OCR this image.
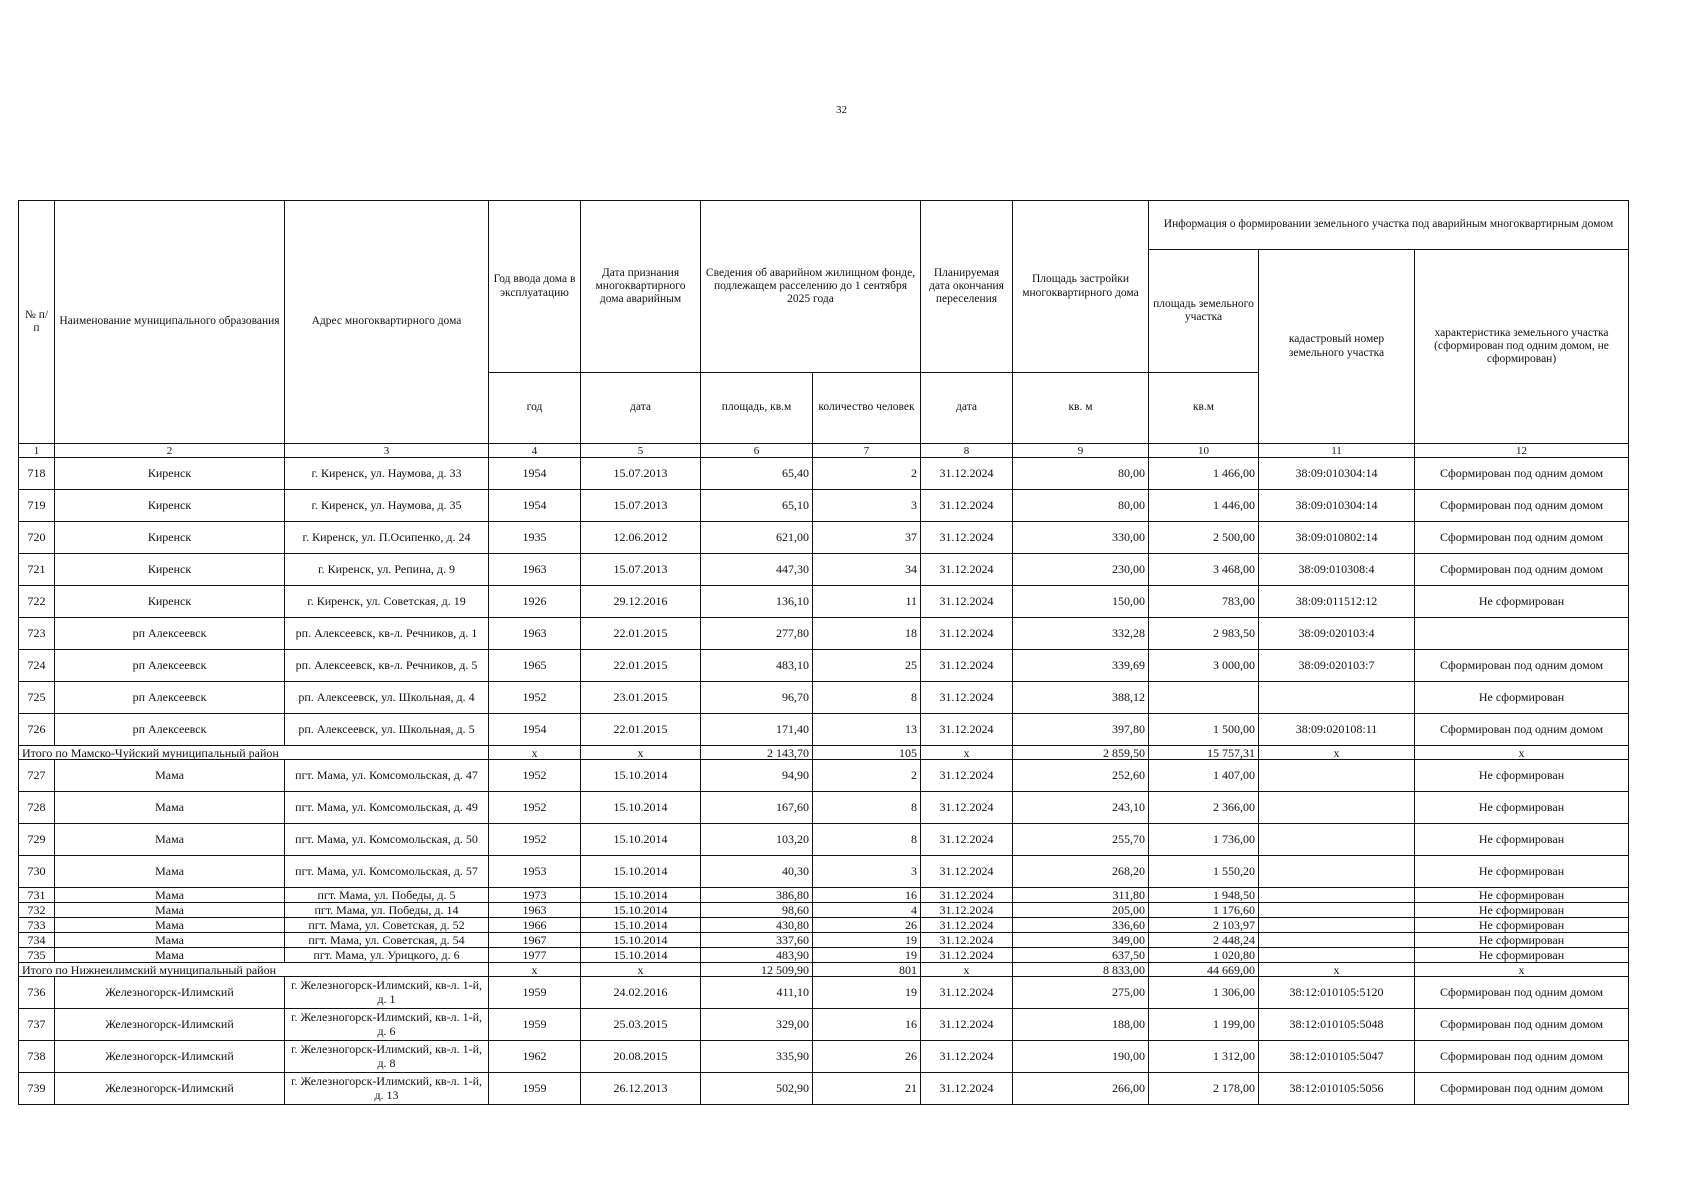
32
№ п/п	Наименование муниципального образования	Адрес многоквартирного дома	Год ввода дома в эксплуатацию	Дата признания многоквартирного дома аварийным	Сведения об аварийном жилищном фонде, подлежащем расселению до 1 сентября 2025 года		Планируемая дата окончания переселения	Площадь застройки многоквартирного дома	Информация о формировании земельного участка под аварийным многоквартирным домом		
									площадь земельного участка	кадастровый номер земельного участка	характеристика земельного участка (сформирован под одним домом, не сформирован)
			год	дата	площадь, кв.м	количество человек	дата	кв. м	кв.м		
1	2	3	4	5	6	7	8	9	10	11	12
718	Киренск	г. Киренск, ул. Наумова, д. 33	1954	15.07.2013	65,40	2	31.12.2024	80,00	1 466,00	38:09:010304:14	Сформирован под одним домом
719	Киренск	г. Киренск, ул. Наумова, д. 35	1954	15.07.2013	65,10	3	31.12.2024	80,00	1 446,00	38:09:010304:14	Сформирован под одним домом
720	Киренск	г. Киренск, ул. П.Осипенко, д. 24	1935	12.06.2012	621,00	37	31.12.2024	330,00	2 500,00	38:09:010802:14	Сформирован под одним домом
721	Киренск	г. Киренск, ул. Репина, д. 9	1963	15.07.2013	447,30	34	31.12.2024	230,00	3 468,00	38:09:010308:4	Сформирован под одним домом
722	Киренск	г. Киренск, ул. Советская, д. 19	1926	29.12.2016	136,10	11	31.12.2024	150,00	783,00	38:09:011512:12	Не сформирован
723	рп Алексеевск	рп. Алексеевск, кв-л. Речников, д. 1	1963	22.01.2015	277,80	18	31.12.2024	332,28	2 983,50	38:09:020103:4	
724	рп Алексеевск	рп. Алексеевск, кв-л. Речников, д. 5	1965	22.01.2015	483,10	25	31.12.2024	339,69	3 000,00	38:09:020103:7	Сформирован под одним домом
725	рп Алексеевск	рп. Алексеевск, ул. Школьная, д. 4	1952	23.01.2015	96,70	8	31.12.2024	388,12			Не сформирован
726	рп Алексеевск	рп. Алексеевск, ул. Школьная, д. 5	1954	22.01.2015	171,40	13	31.12.2024	397,80	1 500,00	38:09:020108:11	Сформирован под одним домом
Итого по Мамско-Чуйский муниципальный район			х	х	2 143,70	105	х	2 859,50	15 757,31	х	х
727	Мама	пгт. Мама, ул. Комсомольская, д. 47	1952	15.10.2014	94,90	2	31.12.2024	252,60	1 407,00		Не сформирован
728	Мама	пгт. Мама, ул. Комсомольская, д. 49	1952	15.10.2014	167,60	8	31.12.2024	243,10	2 366,00		Не сформирован
729	Мама	пгт. Мама, ул. Комсомольская, д. 50	1952	15.10.2014	103,20	8	31.12.2024	255,70	1 736,00		Не сформирован
730	Мама	пгт. Мама, ул. Комсомольская, д. 57	1953	15.10.2014	40,30	3	31.12.2024	268,20	1 550,20		Не сформирован
731	Мама	пгт. Мама, ул. Победы, д. 5	1973	15.10.2014	386,80	16	31.12.2024	311,80	1 948,50		Не сформирован
732	Мама	пгт. Мама, ул. Победы, д. 14	1963	15.10.2014	98,60	4	31.12.2024	205,00	1 176,60		Не сформирован
733	Мама	пгт. Мама, ул. Советская, д. 52	1966	15.10.2014	430,80	26	31.12.2024	336,60	2 103,97		Не сформирован
734	Мама	пгт. Мама, ул. Советская, д. 54	1967	15.10.2014	337,60	19	31.12.2024	349,00	2 448,24		Не сформирован
735	Мама	пгт. Мама, ул. Урицкого, д. 6	1977	15.10.2014	483,90	19	31.12.2024	637,50	1 020,80		Не сформирован
Итого по Нижнеилимский муниципальный район			х	х	12 509,90	801	х	8 833,00	44 669,00	х	х
736	Железногорск-Илимский	г. Железногорск-Илимский, кв-л. 1-й, д. 1	1959	24.02.2016	411,10	19	31.12.2024	275,00	1 306,00	38:12:010105:5120	Сформирован под одним домом
737	Железногорск-Илимский	г. Железногорск-Илимский, кв-л. 1-й, д. 6	1959	25.03.2015	329,00	16	31.12.2024	188,00	1 199,00	38:12:010105:5048	Сформирован под одним домом
738	Железногорск-Илимский	г. Железногорск-Илимский, кв-л. 1-й, д. 8	1962	20.08.2015	335,90	26	31.12.2024	190,00	1 312,00	38:12:010105:5047	Сформирован под одним домом
739	Железногорск-Илимский	г. Железногорск-Илимский, кв-л. 1-й, д. 13	1959	26.12.2013	502,90	21	31.12.2024	266,00	2 178,00	38:12:010105:5056	Сформирован под одним домом
